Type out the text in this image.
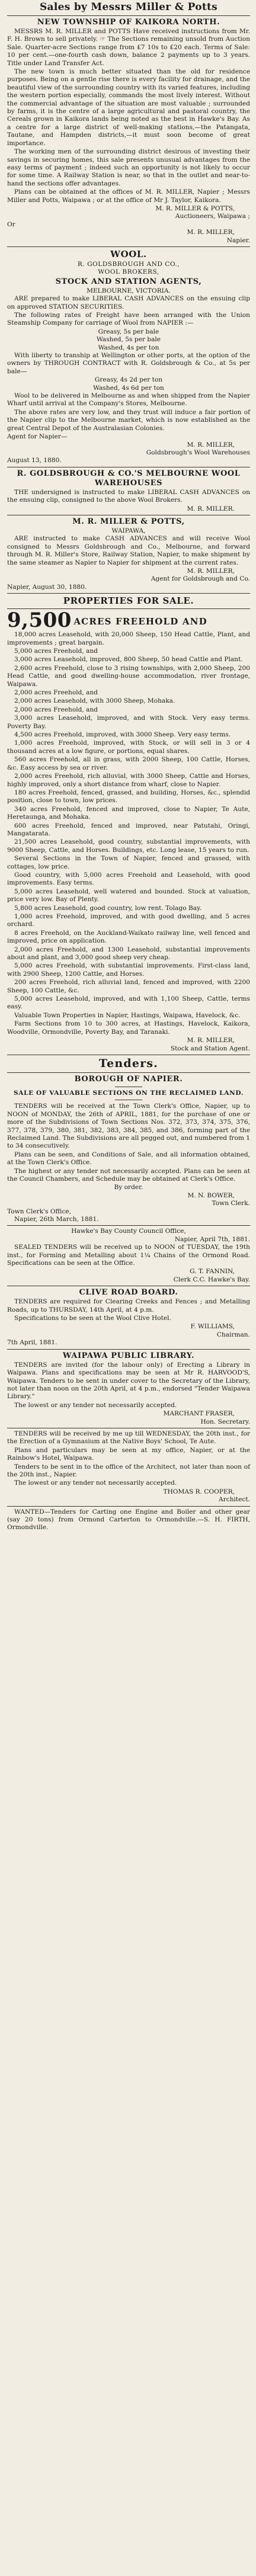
Sales by Messrs Miller & Potts

NEW TOWNSHIP OF KAIKORA NORTH.

MESSRS M. R. MILLER and POTTS Have received instructions from Mr. F. H. Brown to sell privately. ☞ The Sections remaining unsold from Auction Sale. Quarter-acre Sections range from £7 10s to £20 each. Terms of Sale: 10 per cent.—one-fourth cash down, balance 2 payments up to 3 years. Title under Land Transfer Act.

The new town is much better situated than the old for residence purposes. Being on a gentle rise there is every facility for drainage, and the beautiful view of the surrounding country with its varied features, including the western portion especially, commands the most lively interest. Without the commercial advantage of the situation are most valuable ; surrounded by farms, it is the centre of a large agricultural and pastoral country, the Cereals grown in Kaikora lands being noted as the best in Hawke's Bay. As a centre for a large district of well-making stations,—the Patangata, Tautane, and Hampden districts,—it must soon become of great importance.

The working men of the surrounding district desirous of investing their savings in securing homes, this sale presents unusual advantages from the easy terms of payment ; indeed such an opportunity is not likely to occur for some time. A Railway Station is near, so that in the outlet and near-to-hand the sections offer advantages.

Plans can be obtained at the offices of M. R. MILLER, Napier ; Messrs Miller and Potts, Waipawa ; or at the office of Mr J. Taylor, Kaikora.

M. R. MILLER & POTTS,

Auctioneers, Waipawa ;

Or

M. R. MILLER,

Napier.

WOOL.

R. GOLDSBROUGH AND CO.,

WOOL BROKERS,

STOCK AND STATION AGENTS,

MELBOURNE, VICTORIA.

ARE prepared to make LIBERAL CASH ADVANCES on the ensuing clip on approved STATION SECURITIES.

The following rates of Freight have been arranged with the Union Steamship Company for carriage of Wool from NAPIER :—

Greasy, 5s per bale

Washed, 5s per bale

Washed, 4s per ton

With liberty to tranship at Wellington or other ports, at the option of the owners by THROUGH CONTRACT with R. Goldsbrough & Co., at 5s per bale—

Greasy, 4s 2d per ton

Washed, 4s 6d per ton

Wool to be delivered in Melbourne as and when shipped from the Napier Wharf until arrival at the Company's Stores, Melbourne.

The above rates are very low, and they trust will induce a fair portion of the Napier clip to the Melbourne market, which is now established as the great Central Depot of the Australasian Colonies.

Agent for Napier—

M. R. MILLER,

Goldsbrough's Wool Warehouses

August 13, 1880.

R. GOLDSBROUGH & CO.'S MELBOURNE WOOL WAREHOUSES

THE undersigned is instructed to make LIBERAL CASH ADVANCES on the ensuing clip, consigned to the above Wool Brokers.

M. R. MILLER.

M. R. MILLER & POTTS,

WAIPAWA,

ARE instructed to make CASH ADVANCES and will receive Wool consigned to Messrs Goldsbrough and Co., Melbourne, and forward through M. R. Miller's Store, Railway Station, Napier, to make shipment by the same steamer as Napier to Napier for shipment at the current rates.

M. R. MILLER,

Agent for Goldsbrough and Co.

Napier, August 30, 1880.

PROPERTIES FOR SALE.

9,500 ACRES FREEHOLD AND

18,000 acres Leasehold, with 20,000 Sheep, 150 Head Cattle, Plant, and improvements ; great bargain.

5,000 acres Freehold, and

3,000 acres Leasehold, improved, 800 Sheep, 50 head Cattle and Plant.

2,600 acres Freehold, close to 3 rising townships, with 2,000 Sheep, 200 Head Cattle, and good dwelling-house accommodation, river frontage, Waipawa.

2,000 acres Freehold, and

2,000 acres Leasehold, with 3000 Sheep, Mohaka.

2,000 acres Freehold, and

3,000 acres Leasehold, improved, and with Stock. Very easy terms. Poverty Bay.

4,500 acres Freehold, improved, with 3000 Sheep. Very easy terms.

1,000 acres Freehold, improved, with Stock, or will sell in 3 or 4 thousand acres at a low figure, or portions, equal shares.

560 acres Freehold, all in grass, with 2000 Sheep, 100 Cattle, Horses, &c. Easy access by sea or river.

2,000 acres Freehold, rich alluvial, with 3000 Sheep, Cattle and Horses, highly improved, only a short distance from wharf, close to Napier.

180 acres Freehold, fenced, grassed, and building, Horses, &c., splendid position, close to town, low prices.

340 acres Freehold, fenced and improved, close to Napier, Te Aute, Heretaunga, and Mohaka.

600 acres Freehold, fenced and improved, near Patutahi, Oringi, Mangatarata.

21,500 acres Leasehold, good country, substantial improvements, with 9000 Sheep, Cattle, and Horses. Buildings, etc. Long lease, 15 years to run.

Several Sections in the Town of Napier, fenced and grassed, with cottages, low price.

Good country, with 5,000 acres Freehold and Leasehold, with good improvements. Easy terms.

5,000 acres Leasehold, well watered and bounded. Stock at valuation, price very low. Bay of Plenty.

5,800 acres Leasehold, good country, low rent. Tolago Bay.

1,000 acres Freehold, improved, and with good dwelling, and 5 acres orchard.

8 acres Freehold, on the Auckland-Waikato railway line, well fenced and improved, price on application.

2,000 acres Freehold, and 1300 Leasehold, substantial improvements about and plant, and 3,000 good sheep very cheap.

5,000 acres Freehold, with substantial improvements. First-class land, with 2900 Sheep, 1200 Cattle, and Horses.

200 acres Freehold, rich alluvial land, fenced and improved, with 2200 Sheep, 100 Cattle, &c.

5,000 acres Leasehold, improved, and with 1,100 Sheep, Cattle, terms easy.

Valuable Town Properties in Napier, Hastings, Waipawa, Havelock, &c.

Farm Sections from 10 to 300 acres, at Hastings, Havelock, Kaikora, Woodville, Ormondville, Poverty Bay, and Taranaki.

M. R. MILLER,

Stock and Station Agent.

Tenders.

BOROUGH OF NAPIER.

SALE OF VALUABLE SECTIONS ON THE RECLAIMED LAND.

TENDERS will be received at the Town Clerk's Office, Napier, up to NOON of MONDAY, the 26th of APRIL, 1881, for the purchase of one or more of the Subdivisions of Town Sections Nos. 372, 373, 374, 375, 376, 377, 378, 379, 380, 381, 382, 383, 384, 385, and 386, forming part of the Reclaimed Land. The Subdivisions are all pegged out, and numbered from 1 to 34 consecutively.

Plans can be seen, and Conditions of Sale, and all information obtained, at the Town Clerk's Office.

The highest or any tender not necessarily accepted. Plans can be seen at the Council Chambers, and Schedule may be obtained at Clerk's Office.

By order.

M. N. BOWER,

Town Clerk.

Town Clerk's Office,

Napier, 26th March, 1881.

Hawke's Bay County Council Office,

Napier, April 7th, 1881.

SEALED TENDERS will be received up to NOON of TUESDAY, the 19th inst., for Forming and Metalling about 1¼ Chains of the Ormond Road. Specifications can be seen at the Office.

G. T. FANNIN,

Clerk C.C. Hawke's Bay.

CLIVE ROAD BOARD.

TENDERS are required for Clearing Creeks and Fences ; and Metalling Roads, up to THURSDAY, 14th April, at 4 p.m.

Specifications to be seen at the Wool Clive Hotel.

F. WILLIAMS,

Chairman.

7th April, 1881.

WAIPAWA PUBLIC LIBRARY.

TENDERS are invited (for the labour only) of Erecting a Library in Waipawa. Plans and specifications may be seen at Mr R. HARVOOD'S, Waipawa. Tenders to be sent in under cover to the Secretary of the Library, not later than noon on the 20th April, at 4 p.m., endorsed "Tender Waipawa Library."

The lowest or any tender not necessarily accepted.

MARCHANT FRASER,

Hon. Secretary.

TENDERS will be received by me up till WEDNESDAY, the 20th inst., for the Erection of a Gymnasium at the Native Boys' School, Te Aute.

Plans and particulars may be seen at my office, Napier, or at the Rainbow's Hotel, Waipawa.

Tenders to be sent in to the office of the Architect, not later than noon of the 20th inst., Napier.

The lowest or any tender not necessarily accepted.

THOMAS R. COOPER,

Architect.

WANTED—Tenders for Carting one Engine and Boiler and other gear (say 20 tons) from Ormond Carterton to Ormondville.—S. H. FIRTH, Ormondville.
